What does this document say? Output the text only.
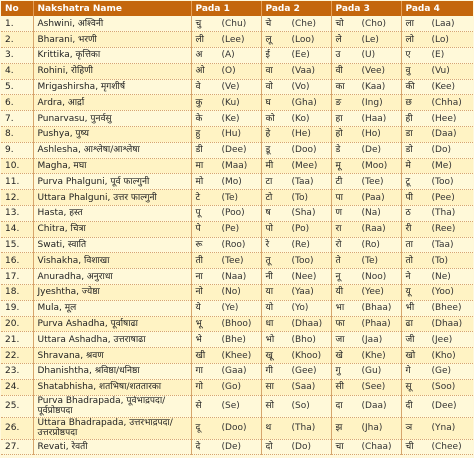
No	Nakshatra Name	Pada 1	Pada 2	Pada 3	Pada 4
1.	Ashwini, अश्विनी	चु (Chu)	चे (Che)	चो (Cho)	ला (Laa)
2.	Bharani, भरणी	ली (Lee)	लू (Loo)	ले (Le)	लो (Lo)
3.	Krittika, कृत्तिका	अ (A)	ई (Ee)	उ (U)	ए (E)
4.	Rohini, रोहिणी	ओ (O)	वा (Vaa)	वी (Vee)	वु (Vu)
5.	Mrigashirsha, मृगशीर्ष	वे (Ve)	वो (Vo)	का (Kaa)	की (Kee)
6.	Ardra, आर्द्रा	कु (Ku)	घ (Gha)	ङ (Ing)	छ (Chha)
7.	Punarvasu, पुनर्वसु	के (Ke)	को (Ko)	हा (Haa)	ही (Hee)
8.	Pushya, पुष्य	हु (Hu)	हे (He)	हो (Ho)	डा (Daa)
9.	Ashlesha, आश्लेषा/आश्लेषा	डी (Dee)	डू (Doo)	डे (De)	डो (Do)
10.	Magha, मघा	मा (Maa)	मी (Mee)	मू (Moo)	मे (Me)
11.	Purva Phalguni, पूर्व फाल्गुनी	मो (Mo)	टा (Taa)	टी (Tee)	टू (Too)
12.	Uttara Phalguni, उत्तर फाल्गुनी	टे (Te)	टो (To)	पा (Paa)	पी (Pee)
13.	Hasta, हस्त	पू (Poo)	ष (Sha)	ण (Na)	ठ (Tha)
14.	Chitra, चित्रा	पे (Pe)	पो (Po)	रा (Raa)	री (Ree)
15.	Swati, स्वाति	रू (Roo)	रे (Re)	रो (Ro)	ता (Taa)
16.	Vishakha, विशाखा	ती (Tee)	तू (Too)	ते (Te)	तो (To)
17.	Anuradha, अनुराधा	ना (Naa)	नी (Nee)	नू (Noo)	ने (Ne)
18.	Jyeshtha, ज्येष्ठा	नो (No)	या (Yaa)	यी (Yee)	यू (Yoo)
19.	Mula, मूल	ये (Ye)	यो (Yo)	भा (Bhaa)	भी (Bhee)
20.	Purva Ashadha, पूर्वाषाढा	भू (Bhoo)	धा (Dhaa)	फा (Phaa)	ढा (Dhaa)
21.	Uttara Ashadha, उत्तराषाढा	भे (Bhe)	भो (Bho)	जा (Jaa)	जी (Jee)
22.	Shravana, श्रवण	खी (Khee)	खू (Khoo)	खे (Khe)	खो (Kho)
23.	Dhanishtha, श्रविष्ठा/धनिष्ठा	गा (Gaa)	गी (Gee)	गु (Gu)	गे (Ge)
24.	Shatabhisha, शतभिषा/शततारका	गो (Go)	सा (Saa)	सी (See)	सू (Soo)
25.	Purva Bhadrapada, पूर्वभाद्रपदा/पूर्वप्रोष्ठपदा	से (Se)	सो (So)	दा (Daa)	दी (Dee)
26.	Uttara Bhadrapada, उत्तरभाद्रपदा/उत्तरप्रोष्ठपदा	दू (Doo)	थ (Tha)	झ (Jha)	ञ (Yna)
27.	Revati, रेवती	दे (De)	दो (Do)	चा (Chaa)	ची (Chee)
